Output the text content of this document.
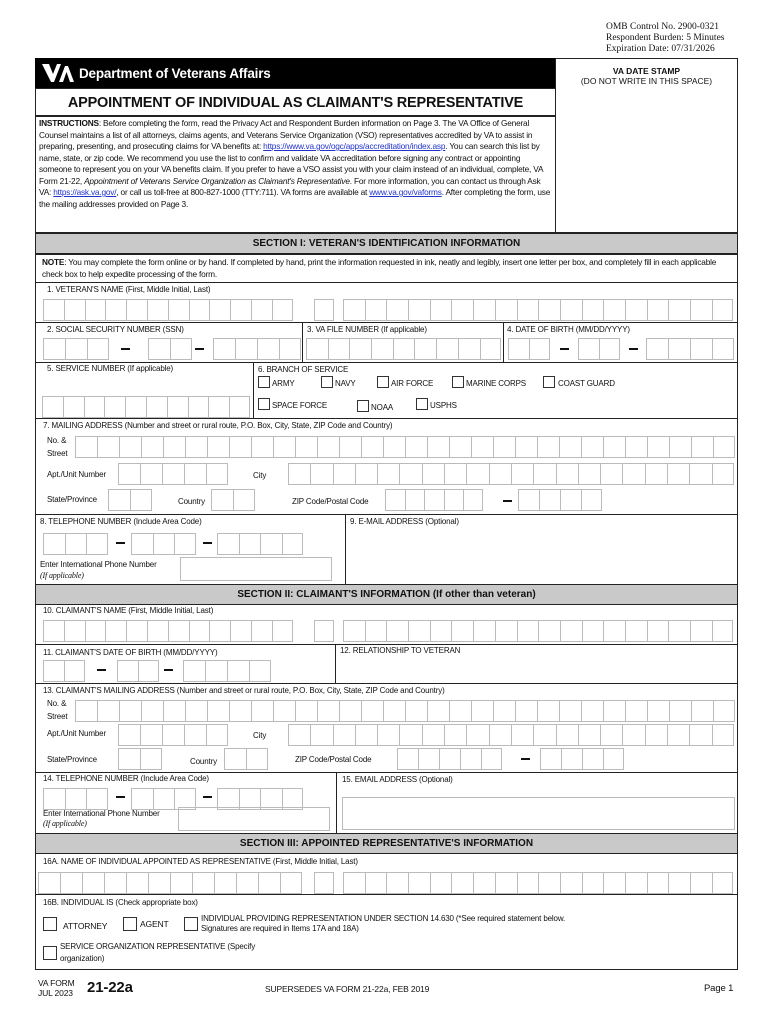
OMB Control No. 2900-0321
Respondent Burden: 5 Minutes
Expiration Date: 07/31/2026
Department of Veterans Affairs
APPOINTMENT OF INDIVIDUAL AS CLAIMANT'S REPRESENTATIVE
INSTRUCTIONS: Before completing the form, read the Privacy Act and Respondent Burden information on Page 3. The VA Office of General Counsel maintains a list of all attorneys, claims agents, and Veterans Service Organization (VSO) representatives accredited by VA to assist in preparing, presenting, and prosecuting claims for VA benefits at: https://www.va.gov/ogc/apps/accreditation/index.asp. You can search this list by name, state, or zip code. We recommend you use the list to confirm and validate VA accreditation before signing any contract or appointing someone to represent you on your VA benefits claim. If you prefer to have a VSO assist you with your claim instead of an individual, complete, VA Form 21-22, Appointment of Veterans Service Organization as Claimant's Representative. For more information, you can contact us through Ask VA: https://ask.va.gov/, or call us toll-free at 800-827-1000 (TTY:711). VA forms are available at www.va.gov/vaforms. After completing the form, use the mailing addresses provided on Page 3.
VA DATE STAMP
(DO NOT WRITE IN THIS SPACE)
SECTION I: VETERAN'S IDENTIFICATION INFORMATION
NOTE: You may complete the form online or by hand. If completed by hand, print the information requested in ink, neatly and legibly, insert one letter per box, and completely fill in each applicable check box to help expedite processing of the form.
1. VETERAN'S NAME (First, Middle Initial, Last)
2. SOCIAL SECURITY NUMBER (SSN)	3. VA FILE NUMBER (If applicable)	4. DATE OF BIRTH (MM/DD/YYYY)
5. SERVICE NUMBER (If applicable)	6. BRANCH OF SERVICE
ARMY	NAVY	AIR FORCE	MARINE CORPS	COAST GUARD
SPACE FORCE	NOAA	USPHS
7. MAILING ADDRESS (Number and street or rural route, P.O. Box, City, State, ZIP Code and Country)
No. &
Street
Apt./Unit Number	City
State/Province	Country	ZIP Code/Postal Code
8. TELEPHONE NUMBER (Include Area Code)	9. E-MAIL ADDRESS (Optional)
Enter International Phone Number
(If applicable)
SECTION II: CLAIMANT'S INFORMATION (If other than veteran)
10. CLAIMANT'S NAME (First, Middle Initial, Last)
11. CLAIMANT'S DATE OF BIRTH (MM/DD/YYYY)	12. RELATIONSHIP TO VETERAN
13. CLAIMANT'S MAILING ADDRESS (Number and street or rural route, P.O. Box, City, State, ZIP Code and Country)
No. &
Street
Apt./Unit Number	City
State/Province	Country	ZIP Code/Postal Code
14. TELEPHONE NUMBER (Include Area Code)	15. EMAIL ADDRESS (Optional)
Enter International Phone Number
(If applicable)
SECTION III: APPOINTED REPRESENTATIVE'S INFORMATION
16A. NAME OF INDIVIDUAL APPOINTED AS REPRESENTATIVE (First, Middle Initial, Last)
16B. INDIVIDUAL IS (Check appropriate box)
ATTORNEY	AGENT
INDIVIDUAL PROVIDING REPRESENTATION UNDER SECTION 14.630 (*See required statement below.
Signatures are required in Items 17A and 18A)
SERVICE ORGANIZATION REPRESENTATIVE (Specify
organization)
VA FORM
JUL 2023 21-22a	SUPERSEDES VA FORM 21-22a, FEB 2019	Page 1
